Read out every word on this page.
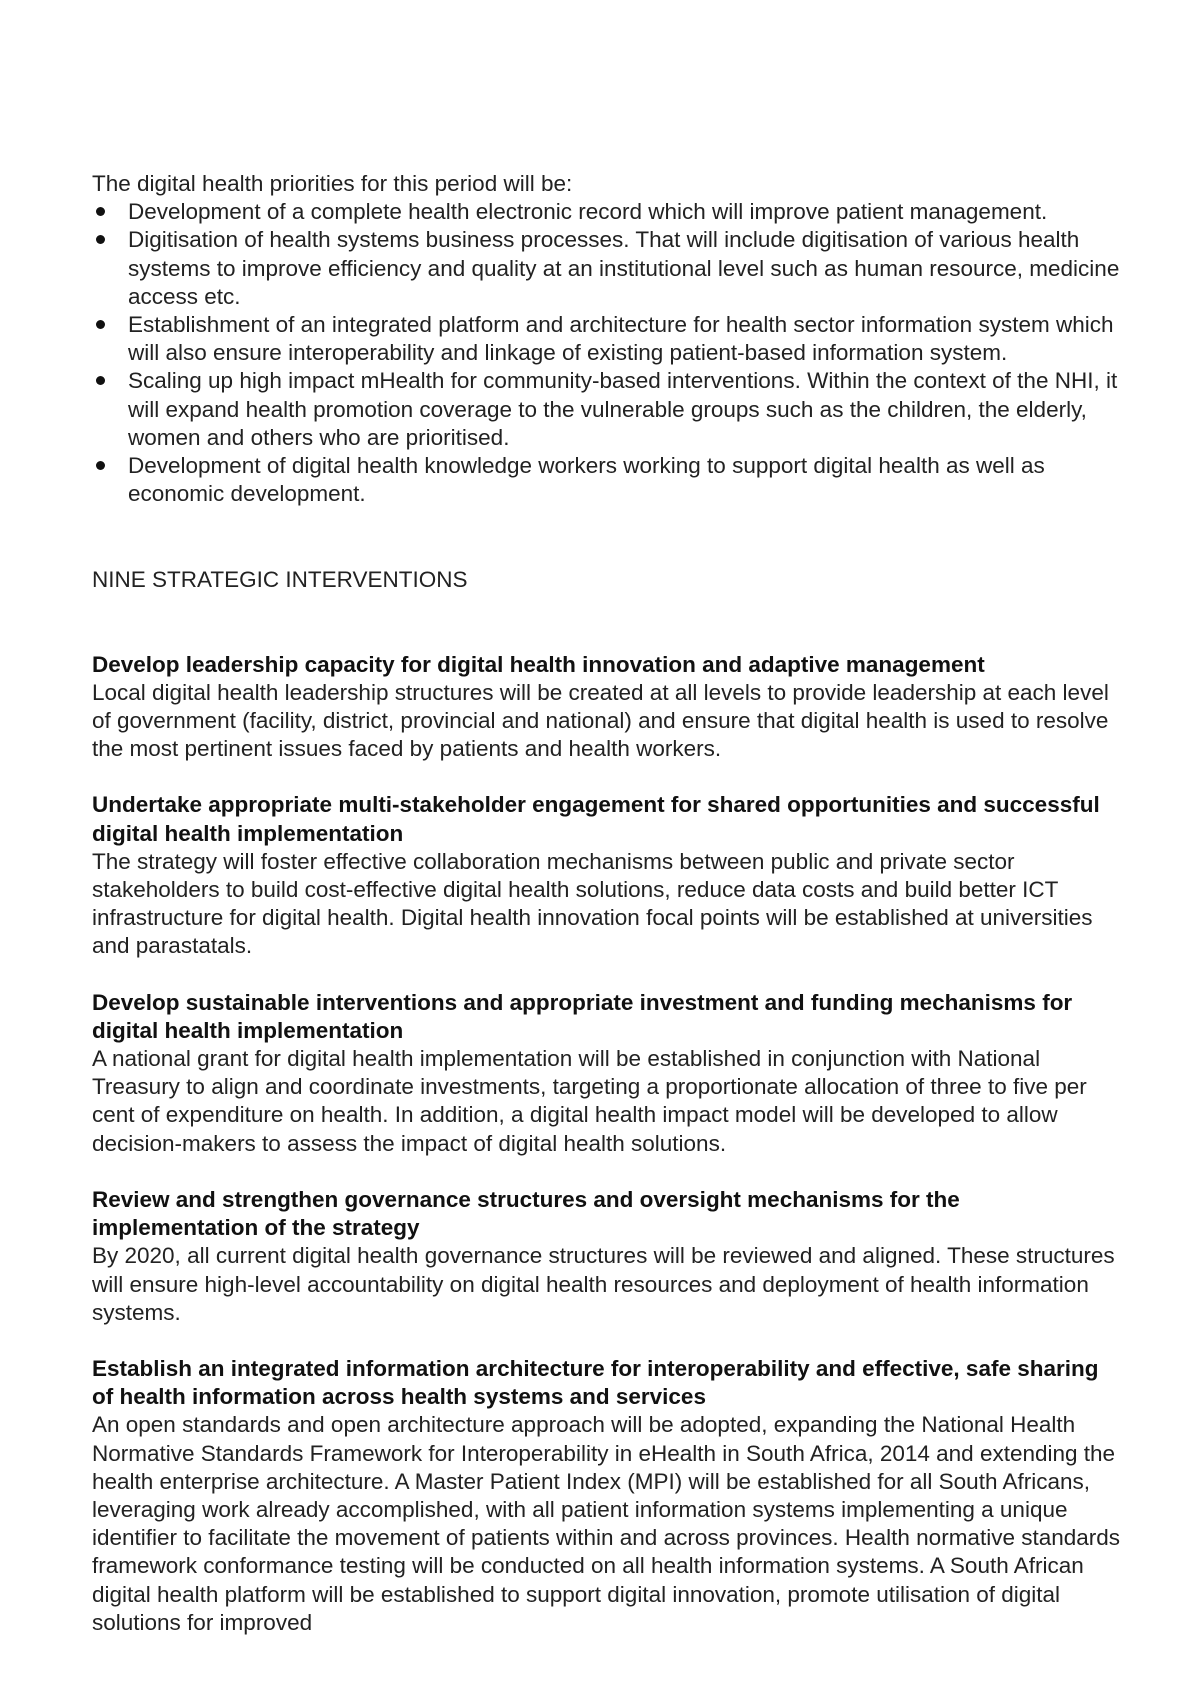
The digital health priorities for this period will be:

Development of a complete health electronic record which will improve patient management.
Digitisation of health systems business processes. That will include digitisation of various health systems to improve efficiency and quality at an institutional level such as human resource, medicine access etc.
Establishment of an integrated platform and architecture for health sector information system which will also ensure interoperability and linkage of existing patient-based information system.
Scaling up high impact mHealth for community-based interventions. Within the context of the NHI, it will expand health promotion coverage to the vulnerable groups such as the children, the elderly, women and others who are prioritised.
Development of digital health knowledge workers working to support digital health as well as economic development.

NINE STRATEGIC INTERVENTIONS

Develop leadership capacity for digital health innovation and adaptive management

Local digital health leadership structures will be created at all levels to provide leadership at each level of government (facility, district, provincial and national) and ensure that digital health is used to resolve the most pertinent issues faced by patients and health workers.

Undertake appropriate multi-stakeholder engagement for shared opportunities and successful digital health implementation

The strategy will foster effective collaboration mechanisms between public and private sector stakeholders to build cost-effective digital health solutions, reduce data costs and build better ICT infrastructure for digital health. Digital health innovation focal points will be established at universities and parastatals.

Develop sustainable interventions and appropriate investment and funding mechanisms for digital health implementation

A national grant for digital health implementation will be established in conjunction with National Treasury to align and coordinate investments, targeting a proportionate allocation of three to five per cent of expenditure on health. In addition, a digital health impact model will be developed to allow decision-makers to assess the impact of digital health solutions.

Review and strengthen governance structures and oversight mechanisms for the implementation of the strategy

By 2020, all current digital health governance structures will be reviewed and aligned. These structures will ensure high-level accountability on digital health resources and deployment of health information systems.

Establish an integrated information architecture for interoperability and effective, safe sharing of health information across health systems and services

An open standards and open architecture approach will be adopted, expanding the National Health Normative Standards Framework for Interoperability in eHealth in South Africa, 2014 and extending the health enterprise architecture. A Master Patient Index (MPI) will be established for all South Africans, leveraging work already accomplished, with all patient information systems implementing a unique identifier to facilitate the movement of patients within and across provinces. Health normative standards framework conformance testing will be conducted on all health information systems. A South African digital health platform will be established to support digital innovation, promote utilisation of digital solutions for improved
